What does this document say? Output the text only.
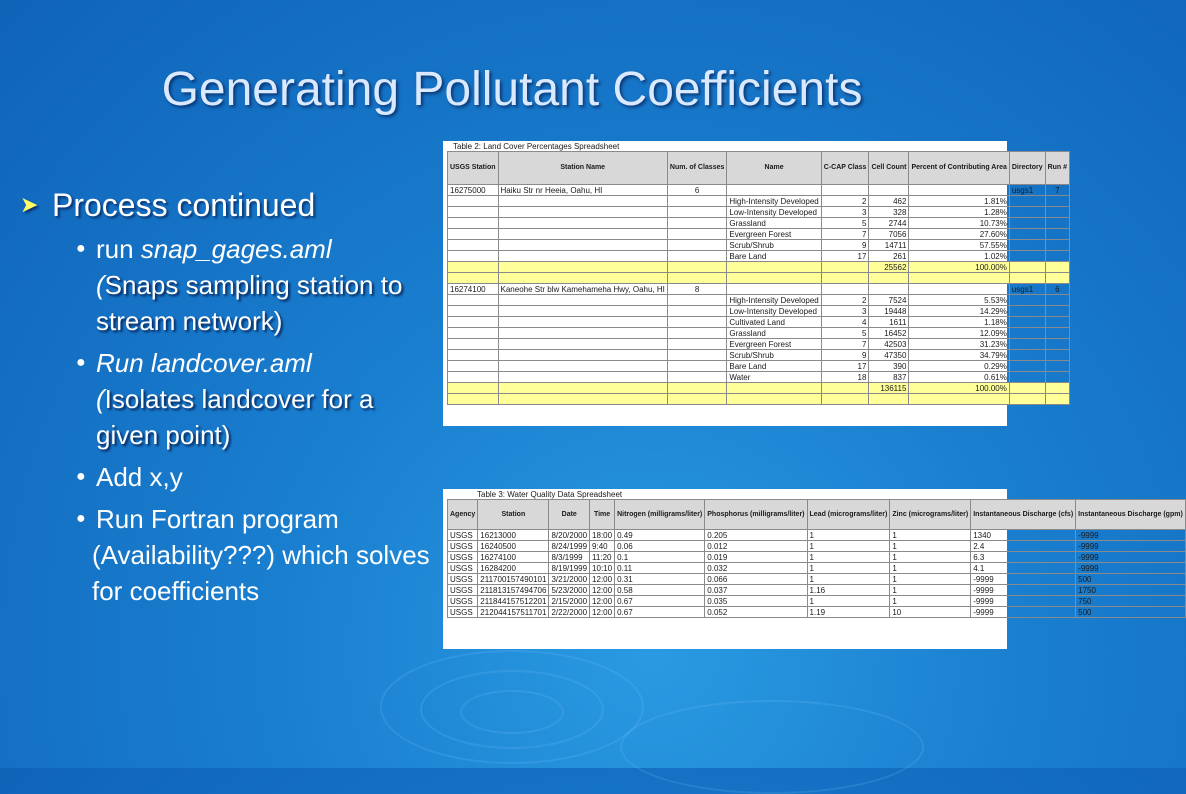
Generating Pollutant Coefficients
➤ Process continued
● run snap_gages.aml
(Snaps sampling station to stream network)
● Run landcover.aml
(Isolates landcover for a given point)
● Add x,y
● Run Fortran program
(Availability???) which solves for coefficients
Table 2: Land Cover Percentages Spreadsheet
USGS Station	Station Name	Num. of Classes	Name	C-CAP Class	Cell Count	Percent of Contributing Area	Directory	Run #
16275000	Haiku Str nr Heeia, Oahu, HI	6					usgs1	7
			High-Intensity Developed	2	462	1.81%		
			Low-Intensity Developed	3	328	1.28%		
			Grassland	5	2744	10.73%		
			Evergreen Forest	7	7056	27.60%		
			Scrub/Shrub	9	14711	57.55%		
			Bare Land	17	261	1.02%		
					25562	100.00%		

16274100	Kaneohe Str blw Kamehameha Hwy, Oahu, HI	8					usgs1	6
			High-Intensity Developed	2	7524	5.53%		
			Low-Intensity Developed	3	19448	14.29%		
			Cultivated Land	4	1611	1.18%		
			Grassland	5	16452	12.09%		
			Evergreen Forest	7	42503	31.23%		
			Scrub/Shrub	9	47350	34.79%		
			Bare Land	17	390	0.29%		
			Water	18	837	0.61%		
					136115	100.00%		

Table 3: Water Quality Data Spreadsheet
Agency	Station	Date	Time	Nitrogen (milligrams/liter)	Phosphorus (milligrams/liter)	Lead (micrograms/liter)	Zinc (micrograms/liter)	Instantaneous Discharge (cfs)	Instantaneous Discharge (gpm)
USGS	16213000	8/20/2000	18:00	0.49	0.205	1	1	1340	-9999
USGS	16240500	8/24/1999	9:40	0.06	0.012	1	1	2.4	-9999
USGS	16274100	8/3/1999	11:20	0.1	0.019	1	1	6.3	-9999
USGS	16284200	8/19/1999	10:10	0.11	0.032	1	1	4.1	-9999
USGS	211700157490101	3/21/2000	12:00	0.31	0.066	1	1	-9999	500
USGS	211813157494706	5/23/2000	12:00	0.58	0.037	1.16	1	-9999	1750
USGS	211844157512201	2/15/2000	12:00	0.67	0.035	1	1	-9999	750
USGS	212044157511701	2/22/2000	12:00	0.67	0.052	1.19	10	-9999	500
